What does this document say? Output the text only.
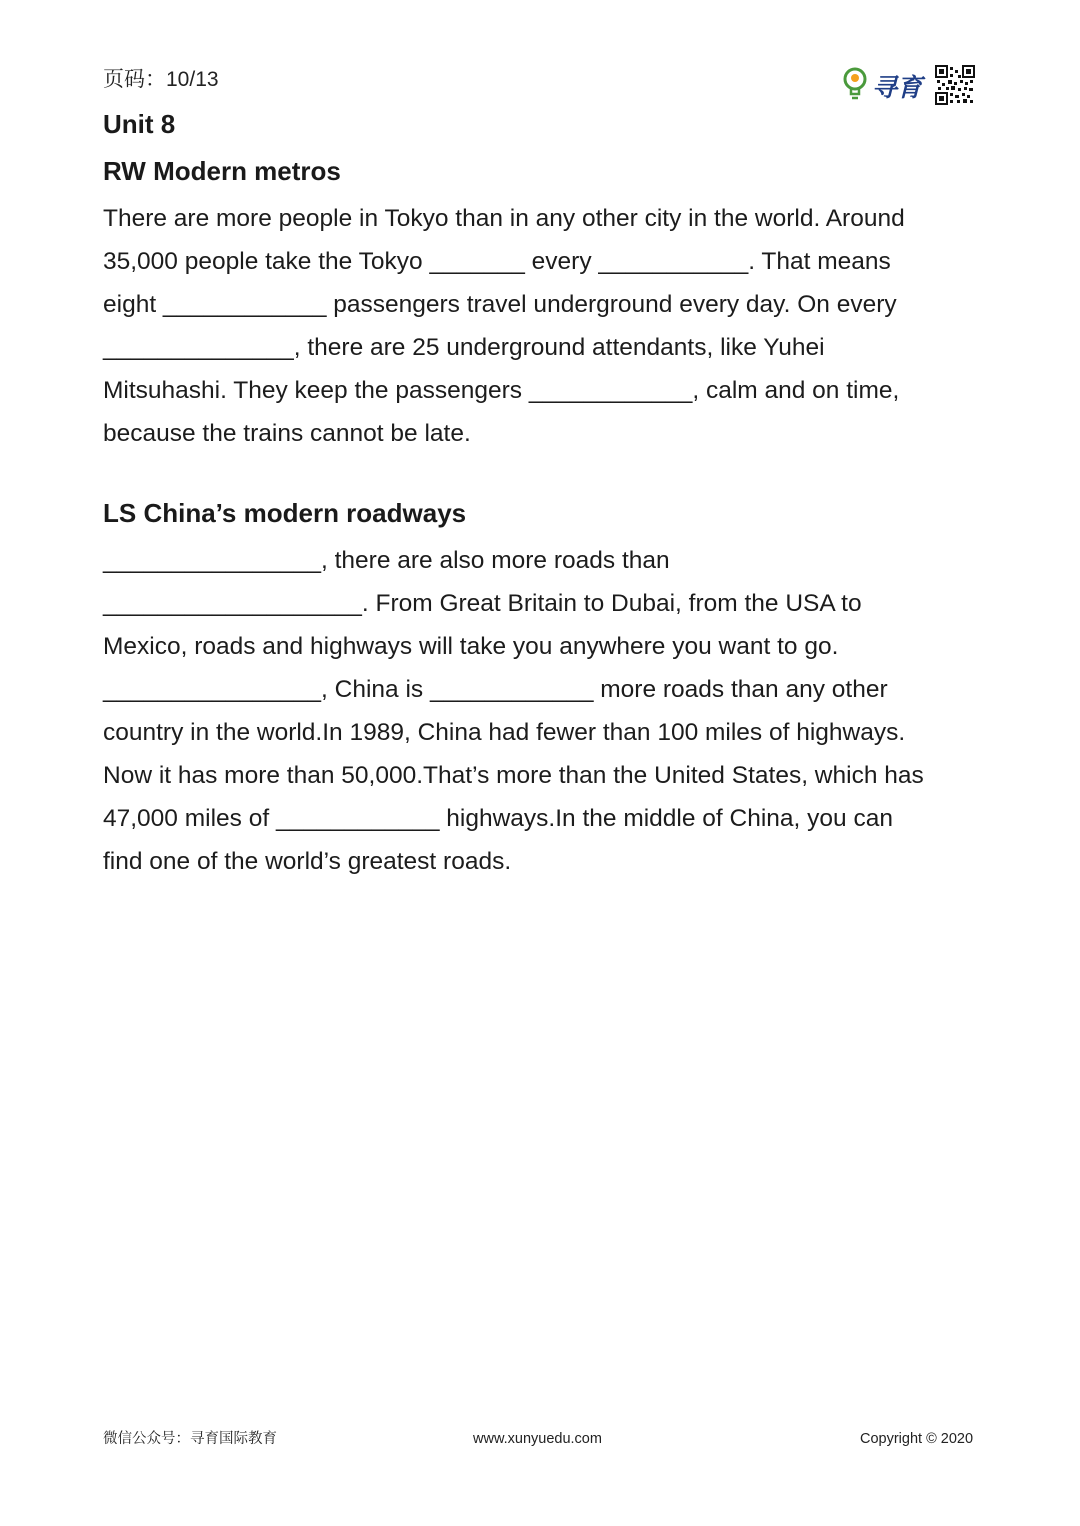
页码：10/13	寻育
Unit 8
RW Modern metros
There are more people in Tokyo than in any other city in the world. Around
35,000 people take the Tokyo _______ every ___________. That means
eight ____________ passengers travel underground every day. On every
______________, there are 25 underground attendants, like Yuhei
Mitsuhashi. They keep the passengers ____________, calm and on time,
because the trains cannot be late.
LS China’s modern roadways
________________, there are also more roads than
___________________. From Great Britain to Dubai, from the USA to
Mexico, roads and highways will take you anywhere you want to go.
________________, China is ____________ more roads than any other
country in the world.In 1989, China had fewer than 100 miles of highways.
Now it has more than 50,000.That’s more than the United States, which has
47,000 miles of ____________ highways.In the middle of China, you can
find one of the world’s greatest roads.
微信公众号：寻育国际教育	www.xunyuedu.com	Copyright © 2020
